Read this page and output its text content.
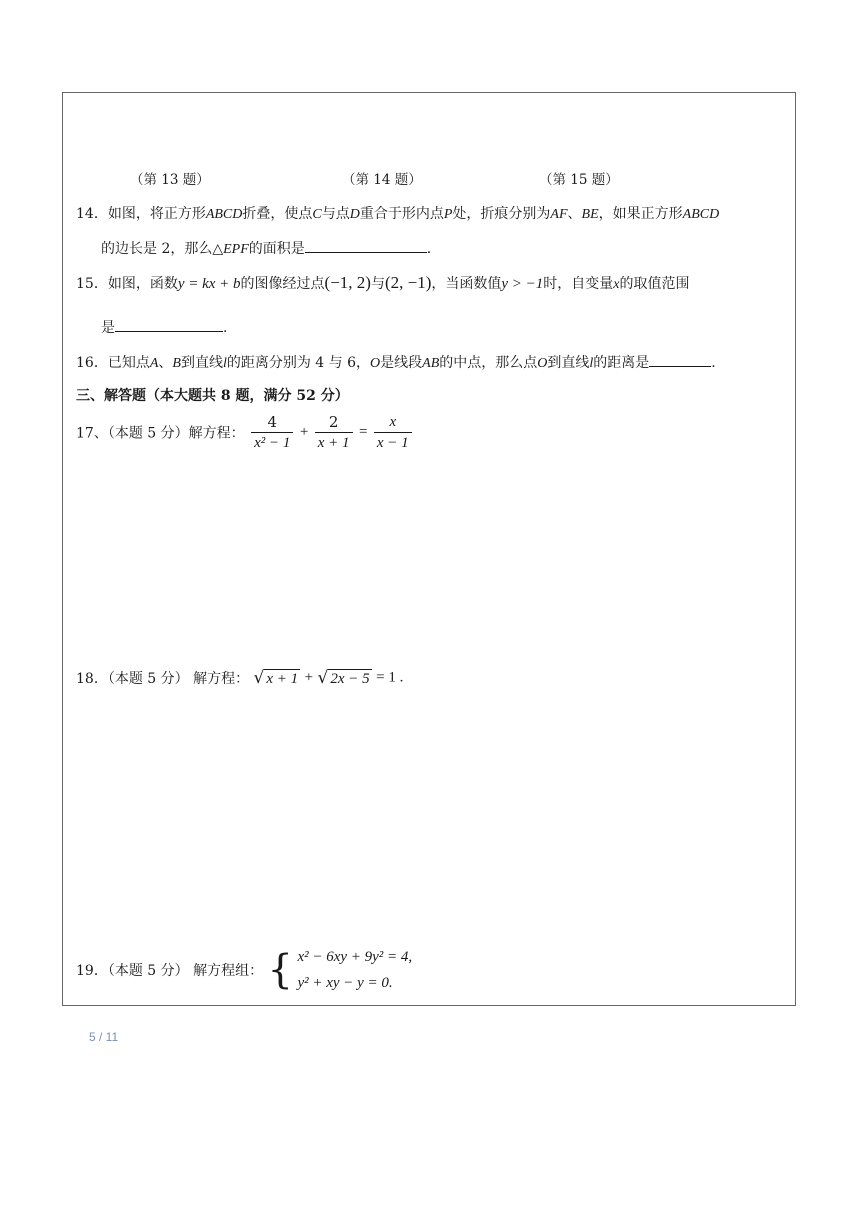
（第 13 题）	（第 14 题）	（第 15 题）
14．如图，将正方形ABCD折叠，使点C与点D重合于形内点P处，折痕分别为AF、BE，如果正方形ABCD
的边长是 2，那么△EPF的面积是	.
15．如图，函数y = kx + b的图像经过点(−1, 2)与(2, −1)，当函数值y > −1时，自变量x的取值范围
是	.
16．已知点A、B到直线l的距离分别为 4 与 6，O是线段AB的中点，那么点O到直线l的距离是	.
三、解答题（本大题共 8 题，满分 52 分）
17、（本题 5 分）解方程： $\frac{4}{\text{x² − 1}} + \frac{2}{x + 1} = \frac{x}{x - 1}$
18．（本题 5 分） 解方程： √ x + 1 + √ 2x − 5 = 1 .
19．（本题 5 分） 解方程组： { x² − 6xy + 9y² = 4,
y² + xy − y = 0.
5 / 11
